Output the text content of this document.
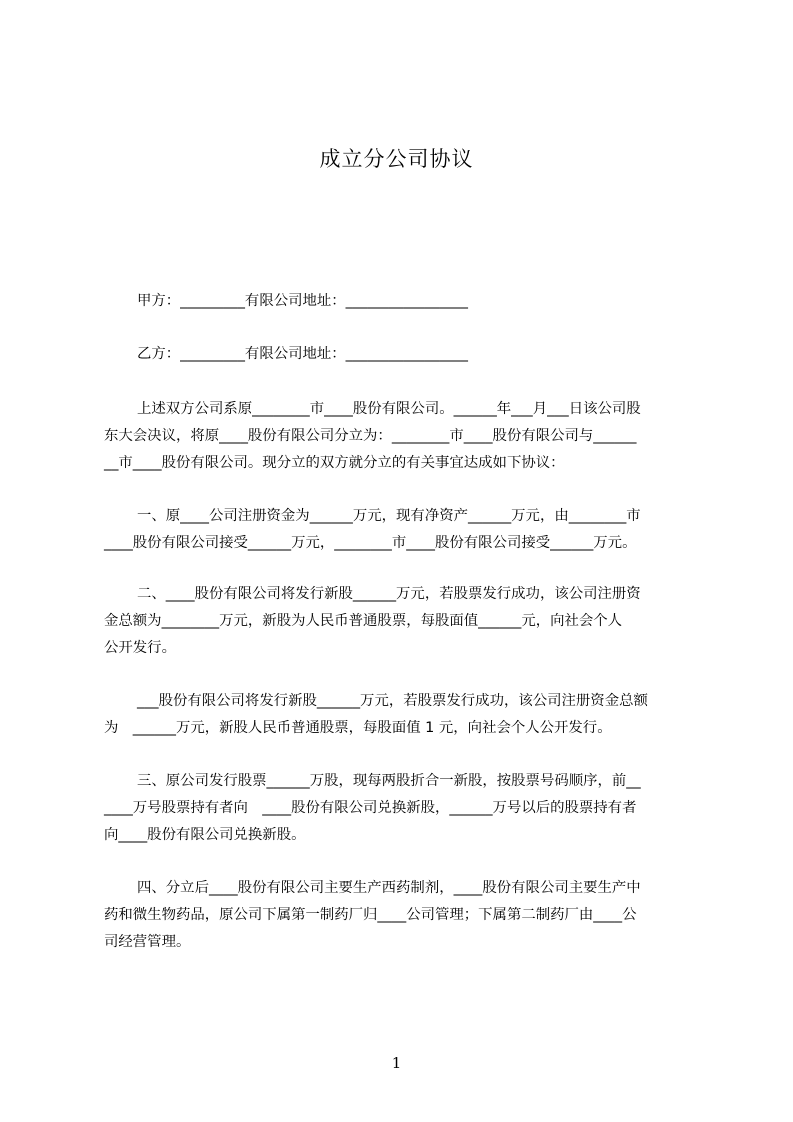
成立分公司协议
甲方：_________有限公司地址：_________________
乙方：_________有限公司地址：_________________
上述双方公司系原________市____股份有限公司。______年___月___日该公司股
东大会决议，将原____股份有限公司分立为：________市____股份有限公司与______
__市____股份有限公司。现分立的双方就分立的有关事宜达成如下协议：
一、原____公司注册资金为______万元，现有净资产______万元，由________市
____股份有限公司接受______万元，________市____股份有限公司接受______万元。
二、____股份有限公司将发行新股______万元，若股票发行成功，该公司注册资
金总额为________万元，新股为人民币普通股票，每股面值______元，向社会个人
公开发行。
___股份有限公司将发行新股______万元，若股票发行成功，该公司注册资金总额
为　______万元，新股人民币普通股票，每股面值 1 元，向社会个人公开发行。
三、原公司发行股票______万股，现每两股折合一新股，按股票号码顺序，前__
____万号股票持有者向　____股份有限公司兑换新股，______万号以后的股票持有者
向____股份有限公司兑换新股。
四、分立后____股份有限公司主要生产西药制剂，____股份有限公司主要生产中
药和微生物药品，原公司下属第一制药厂归____公司管理；下属第二制药厂由____公
司经营管理。
1
